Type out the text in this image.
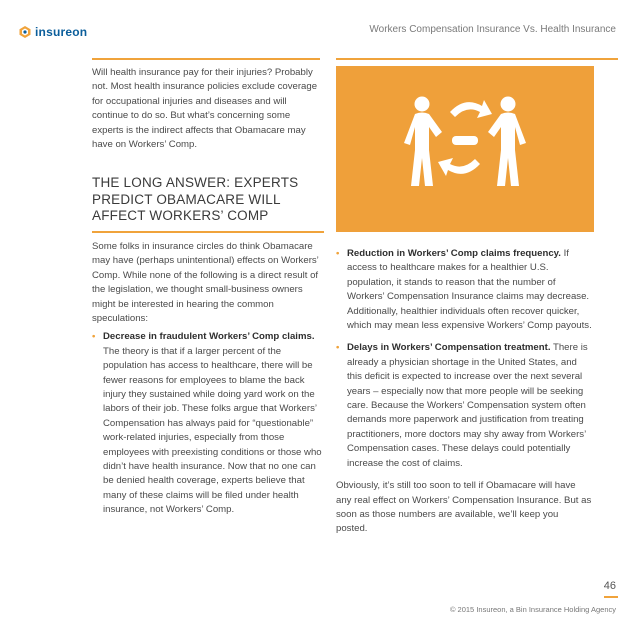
insureon	Workers Compensation Insurance Vs. Health Insurance

Will health insurance pay for their injuries? Probably not. Most health insurance policies exclude coverage for occupational injuries and diseases and will continue to do so. But what’s concerning some experts is the indirect affects that Obamacare may have on Workers’ Comp.

THE LONG ANSWER: EXPERTS PREDICT OBAMACARE WILL AFFECT WORKERS’ COMP

Some folks in insurance circles do think Obamacare may have (perhaps unintentional) effects on Workers’ Comp. While none of the following is a direct result of the legislation, we thought small-business owners might be interested in hearing the common speculations:

• Decrease in fraudulent Workers’ Comp claims. The theory is that if a larger percent of the population has access to healthcare, there will be fewer reasons for employees to blame the back injury they sustained while doing yard work on the labors of their job. These folks argue that Workers’ Compensation has always paid for “questionable” work-related injuries, especially from those employees with preexisting conditions or those who didn’t have health insurance. Now that no one can be denied health coverage, experts believe that many of these claims will be filed under health insurance, not Workers’ Comp.
• Reduction in Workers’ Comp claims frequency. If access to healthcare makes for a healthier U.S. population, it stands to reason that the number of Workers’ Compensation Insurance claims may decrease. Additionally, healthier individuals often recover quicker, which may mean less expensive Workers’ Comp payouts.
• Delays in Workers’ Compensation treatment. There is already a physician shortage in the United States, and this deficit is expected to increase over the next several years – especially now that more people will be seeking care. Because the Workers’ Compensation system often demands more paperwork and justification from treating practitioners, more doctors may shy away from Workers’ Compensation cases. These delays could potentially increase the cost of claims.

Obviously, it’s still too soon to tell if Obamacare will have any real effect on Workers’ Compensation Insurance. But as soon as those numbers are available, we’ll keep you posted.

46
© 2015 Insureon, a Bin Insurance Holding Agency
